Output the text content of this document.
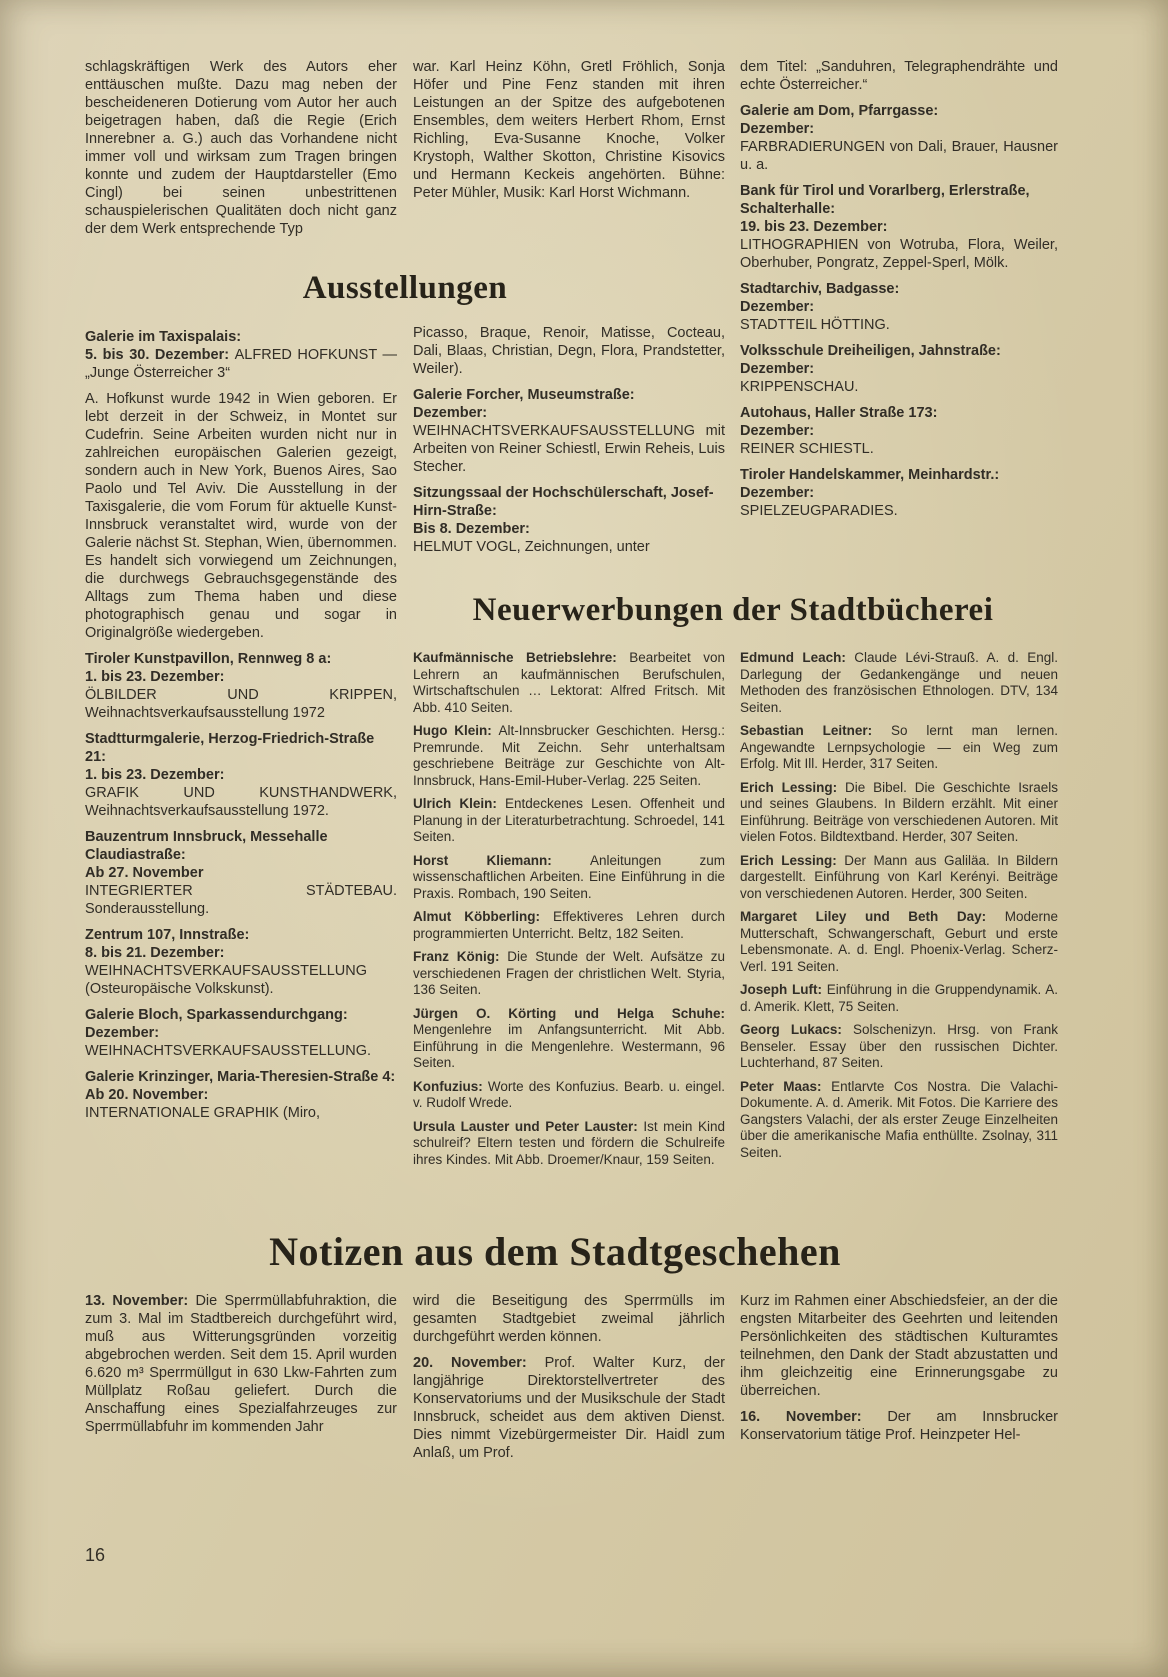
schlagskräftigen Werk des Autors eher enttäuschen mußte. Dazu mag neben der bescheideneren Dotierung vom Autor her auch beigetragen haben, daß die Regie (Erich Innerebner a. G.) auch das Vorhandene nicht immer voll und wirksam zum Tragen bringen konnte und zudem der Hauptdarsteller (Emo Cingl) bei seinen unbestrittenen schauspielerischen Qualitäten doch nicht ganz der dem Werk entsprechende Typ

war. Karl Heinz Köhn, Gretl Fröhlich, Sonja Höfer und Pine Fenz standen mit ihren Leistungen an der Spitze des aufgebotenen Ensembles, dem weiters Herbert Rhom, Ernst Richling, Eva-Susanne Knoche, Volker Krystoph, Walther Skotton, Christine Kisovics und Hermann Keckeis angehörten. Bühne: Peter Mühler, Musik: Karl Horst Wichmann.

dem Titel: „Sanduhren, Telegraphendrähte und echte Österreicher.“

Galerie am Dom, Pfarrgasse:

Dezember:

FARBRADIERUNGEN von Dali, Brauer, Hausner u. a.

Bank für Tirol und Vorarlberg, Erlerstraße, Schalterhalle:

19. bis 23. Dezember:

LITHOGRAPHIEN von Wotruba, Flora, Weiler, Oberhuber, Pongratz, Zeppel-Sperl, Mölk.

Stadtarchiv, Badgasse:

Dezember:

STADTTEIL HÖTTING.

Volksschule Dreiheiligen, Jahnstraße:

Dezember:

KRIPPENSCHAU.

Autohaus, Haller Straße 173:

Dezember:

REINER SCHIESTL.

Tiroler Handelskammer, Meinhardstr.:

Dezember:

SPIELZEUGPARADIES.

Ausstellungen

Galerie im Taxispalais:

5. bis 30. Dezember: ALFRED HOFKUNST — „Junge Österreicher 3“

A. Hofkunst wurde 1942 in Wien geboren. Er lebt derzeit in der Schweiz, in Montet sur Cudefrin. Seine Arbeiten wurden nicht nur in zahlreichen europäischen Galerien gezeigt, sondern auch in New York, Buenos Aires, Sao Paolo und Tel Aviv. Die Ausstellung in der Taxisgalerie, die vom Forum für aktuelle Kunst-Innsbruck veranstaltet wird, wurde von der Galerie nächst St. Stephan, Wien, übernommen. Es handelt sich vorwiegend um Zeichnungen, die durchwegs Gebrauchsgegenstände des Alltags zum Thema haben und diese photographisch genau und sogar in Originalgröße wiedergeben.

Tiroler Kunstpavillon, Rennweg 8 a:

1. bis 23. Dezember:

ÖLBILDER UND KRIPPEN, Weihnachtsverkaufsausstellung 1972

Stadtturmgalerie, Herzog-Friedrich-Straße 21:

1. bis 23. Dezember:

GRAFIK UND KUNSTHANDWERK, Weihnachtsverkaufsausstellung 1972.

Bauzentrum Innsbruck, Messehalle Claudiastraße:

Ab 27. November

INTEGRIERTER STÄDTEBAU. Sonderausstellung.

Zentrum 107, Innstraße:

8. bis 21. Dezember:

WEIHNACHTSVERKAUFSAUSSTELLUNG (Osteuropäische Volkskunst).

Galerie Bloch, Sparkassendurchgang:

Dezember:

WEIHNACHTSVERKAUFSAUSSTELLUNG.

Galerie Krinzinger, Maria-Theresien-Straße 4:

Ab 20. November:

INTERNATIONALE GRAPHIK (Miro,

Picasso, Braque, Renoir, Matisse, Cocteau, Dali, Blaas, Christian, Degn, Flora, Prandstetter, Weiler).

Galerie Forcher, Museumstraße:

Dezember:

WEIHNACHTSVERKAUFSAUSSTELLUNG mit Arbeiten von Reiner Schiestl, Erwin Reheis, Luis Stecher.

Sitzungssaal der Hochschülerschaft, Josef-Hirn-Straße:

Bis 8. Dezember:

HELMUT VOGL, Zeichnungen, unter

Neuerwerbungen der Stadtbücherei

Kaufmännische Betriebslehre: Bearbeitet von Lehrern an kaufmännischen Berufschulen, Wirtschaftschulen … Lektorat: Alfred Fritsch. Mit Abb. 410 Seiten.

Hugo Klein: Alt-Innsbrucker Geschichten. Hersg.: Premrunde. Mit Zeichn. Sehr unterhaltsam geschriebene Beiträge zur Geschichte von Alt-Innsbruck, Hans-Emil-Huber-Verlag. 225 Seiten.

Ulrich Klein: Entdeckenes Lesen. Offenheit und Planung in der Literaturbetrachtung. Schroedel, 141 Seiten.

Horst Kliemann: Anleitungen zum wissenschaftlichen Arbeiten. Eine Einführung in die Praxis. Rombach, 190 Seiten.

Almut Köbberling: Effektiveres Lehren durch programmierten Unterricht. Beltz, 182 Seiten.

Franz König: Die Stunde der Welt. Aufsätze zu verschiedenen Fragen der christlichen Welt. Styria, 136 Seiten.

Jürgen O. Körting und Helga Schuhe: Mengenlehre im Anfangsunterricht. Mit Abb. Einführung in die Mengenlehre. Westermann, 96 Seiten.

Konfuzius: Worte des Konfuzius. Bearb. u. eingel. v. Rudolf Wrede.

Ursula Lauster und Peter Lauster: Ist mein Kind schulreif? Eltern testen und fördern die Schulreife ihres Kindes. Mit Abb. Droemer/Knaur, 159 Seiten.

Edmund Leach: Claude Lévi-Strauß. A. d. Engl. Darlegung der Gedankengänge und neuen Methoden des französischen Ethnologen. DTV, 134 Seiten.

Sebastian Leitner: So lernt man lernen. Angewandte Lernpsychologie — ein Weg zum Erfolg. Mit Ill. Herder, 317 Seiten.

Erich Lessing: Die Bibel. Die Geschichte Israels und seines Glaubens. In Bildern erzählt. Mit einer Einführung. Beiträge von verschiedenen Autoren. Mit vielen Fotos. Bildtextband. Herder, 307 Seiten.

Erich Lessing: Der Mann aus Galiläa. In Bildern dargestellt. Einführung von Karl Kerényi. Beiträge von verschiedenen Autoren. Herder, 300 Seiten.

Margaret Liley und Beth Day: Moderne Mutterschaft, Schwangerschaft, Geburt und erste Lebensmonate. A. d. Engl. Phoenix-Verlag. Scherz-Verl. 191 Seiten.

Joseph Luft: Einführung in die Gruppendynamik. A. d. Amerik. Klett, 75 Seiten.

Georg Lukacs: Solschenizyn. Hrsg. von Frank Benseler. Essay über den russischen Dichter. Luchterhand, 87 Seiten.

Peter Maas: Entlarvte Cos Nostra. Die Valachi-Dokumente. A. d. Amerik. Mit Fotos. Die Karriere des Gangsters Valachi, der als erster Zeuge Einzelheiten über die amerikanische Mafia enthüllte. Zsolnay, 311 Seiten.

Notizen aus dem Stadtgeschehen

13. November: Die Sperrmüllabfuhraktion, die zum 3. Mal im Stadtbereich durchgeführt wird, muß aus Witterungsgründen vorzeitig abgebrochen werden. Seit dem 15. April wurden 6.620 m³ Sperrmüllgut in 630 Lkw-Fahrten zum Müllplatz Roßau geliefert. Durch die Anschaffung eines Spezialfahrzeuges zur Sperrmüllabfuhr im kommenden Jahr

wird die Beseitigung des Sperrmülls im gesamten Stadtgebiet zweimal jährlich durchgeführt werden können.

20. November: Prof. Walter Kurz, der langjährige Direktorstellvertreter des Konservatoriums und der Musikschule der Stadt Innsbruck, scheidet aus dem aktiven Dienst. Dies nimmt Vizebürgermeister Dir. Haidl zum Anlaß, um Prof.

Kurz im Rahmen einer Abschiedsfeier, an der die engsten Mitarbeiter des Geehrten und leitenden Persönlichkeiten des städtischen Kulturamtes teilnehmen, den Dank der Stadt abzustatten und ihm gleichzeitig eine Erinnerungsgabe zu überreichen.

16. November: Der am Innsbrucker Konservatorium tätige Prof. Heinzpeter Hel-

16
